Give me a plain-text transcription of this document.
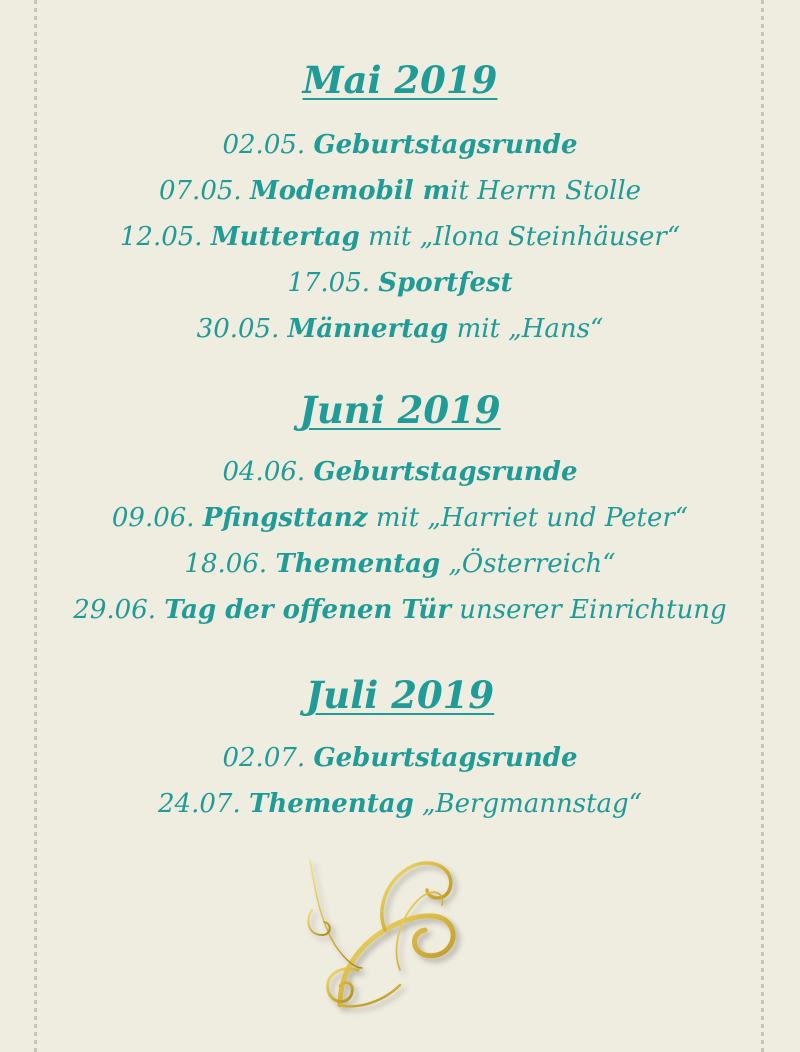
Mai 2019
02.05. Geburtstagsrunde
07.05. Modemobil mit Herrn Stolle
12.05. Muttertag mit „Ilona Steinhäuser“
17.05. Sportfest
30.05. Männertag mit „Hans“
Juni 2019
04.06. Geburtstagsrunde
09.06. Pfingsttanz mit „Harriet und Peter“
18.06. Thementag „Österreich“
29.06. Tag der offenen Tür unserer Einrichtung
Juli 2019
02.07. Geburtstagsrunde
24.07. Thementag „Bergmannstag“
